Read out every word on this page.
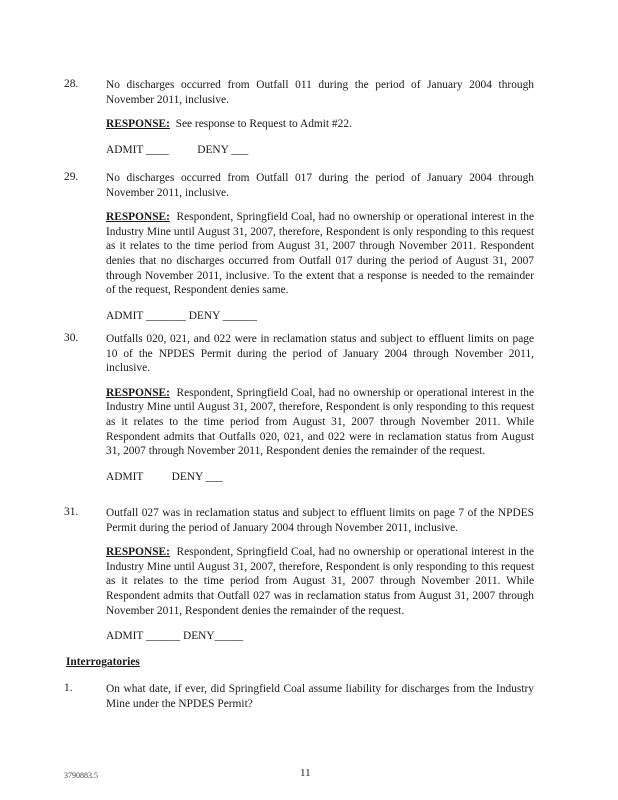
28.	No discharges occurred from Outfall 011 during the period of January 2004 through November 2011, inclusive.
RESPONSE: See response to Request to Admit #22.
ADMIT ____          DENY ___
29.	No discharges occurred from Outfall 017 during the period of January 2004 through November 2011, inclusive.
RESPONSE: Respondent, Springfield Coal, had no ownership or operational interest in the Industry Mine until August 31, 2007, therefore, Respondent is only responding to this request as it relates to the time period from August 31, 2007 through November 2011. Respondent denies that no discharges occurred from Outfall 017 during the period of August 31, 2007 through November 2011, inclusive. To the extent that a response is needed to the remainder of the request, Respondent denies same.
ADMIT _______ DENY ______
30.	Outfalls 020, 021, and 022 were in reclamation status and subject to effluent limits on page 10 of the NPDES Permit during the period of January 2004 through November 2011, inclusive.
RESPONSE: Respondent, Springfield Coal, had no ownership or operational interest in the Industry Mine until August 31, 2007, therefore, Respondent is only responding to this request as it relates to the time period from August 31, 2007 through November 2011. While Respondent admits that Outfalls 020, 021, and 022 were in reclamation status from August 31, 2007 through November 2011, Respondent denies the remainder of the request.
ADMIT          DENY ___
31.	Outfall 027 was in reclamation status and subject to effluent limits on page 7 of the NPDES Permit during the period of January 2004 through November 2011, inclusive.
RESPONSE: Respondent, Springfield Coal, had no ownership or operational interest in the Industry Mine until August 31, 2007, therefore, Respondent is only responding to this request as it relates to the time period from August 31, 2007 through November 2011. While Respondent admits that Outfall 027 was in reclamation status from August 31, 2007 through November 2011, Respondent denies the remainder of the request.
ADMIT ______ DENY_____
Interrogatories
1.	On what date, if ever, did Springfield Coal assume liability for discharges from the Industry Mine under the NPDES Permit?
3790883.5	11
